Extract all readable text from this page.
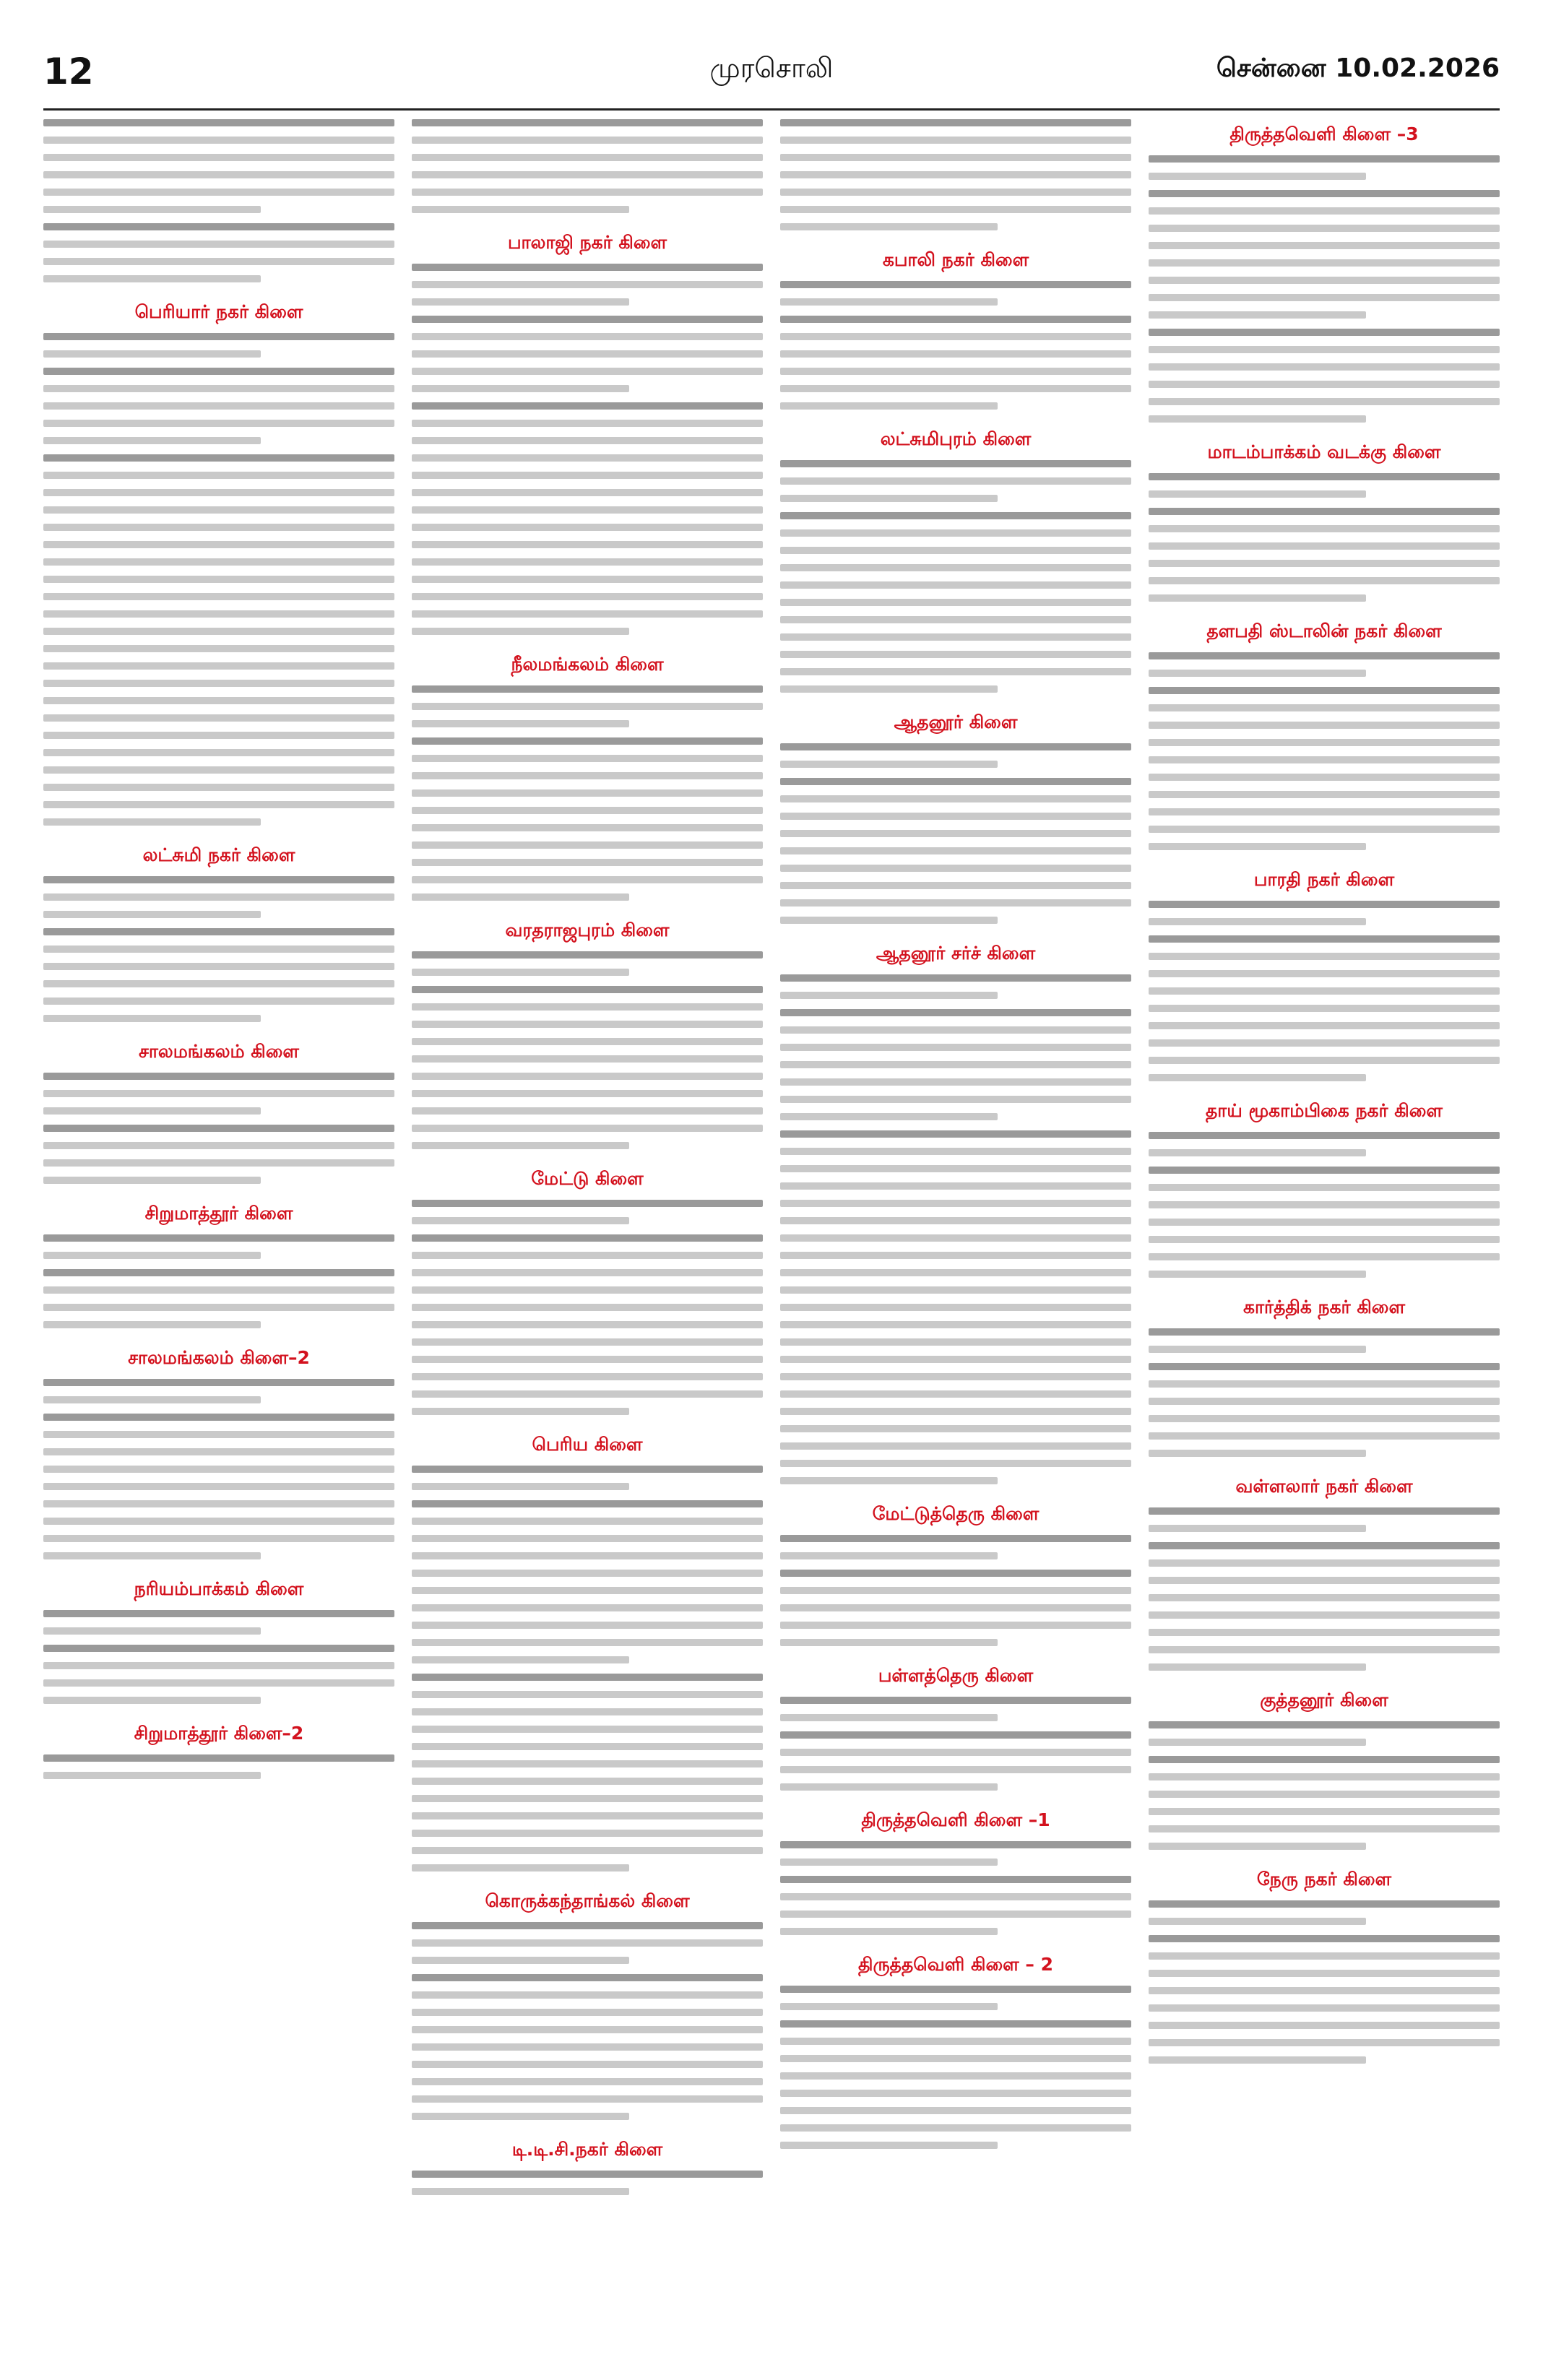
12	முரசொலி	சென்னை 10.02.2026
பெரியார் நகர் கிளை
லட்சுமி நகர் கிளை
சாலமங்கலம் கிளை
சிறுமாத்தூர் கிளை
சாலமங்கலம் கிளை–2
நரியம்பாக்கம் கிளை
சிறுமாத்தூர் கிளை–2
பாலாஜி நகர் கிளை
நீலமங்கலம் கிளை
வரதராஜபுரம் கிளை
மேட்டு கிளை
பெரிய கிளை
கொருக்கந்தாங்கல் கிளை
டி.டி.சி.நகர் கிளை
கபாலி நகர் கிளை
லட்சுமிபுரம் கிளை
ஆதனூர் கிளை
ஆதனூர் சர்ச் கிளை
மேட்டுத்தெரு கிளை
பள்ளத்தெரு கிளை
திருத்தவெளி கிளை –1
திருத்தவெளி கிளை – 2
திருத்தவெளி கிளை –3
மாடம்பாக்கம் வடக்கு கிளை
தளபதி ஸ்டாலின் நகர் கிளை
பாரதி நகர் கிளை
தாய் மூகாம்பிகை நகர் கிளை
கார்த்திக் நகர் கிளை
வள்ளலார் நகர் கிளை
குத்தனூர் கிளை
நேரு நகர் கிளை
